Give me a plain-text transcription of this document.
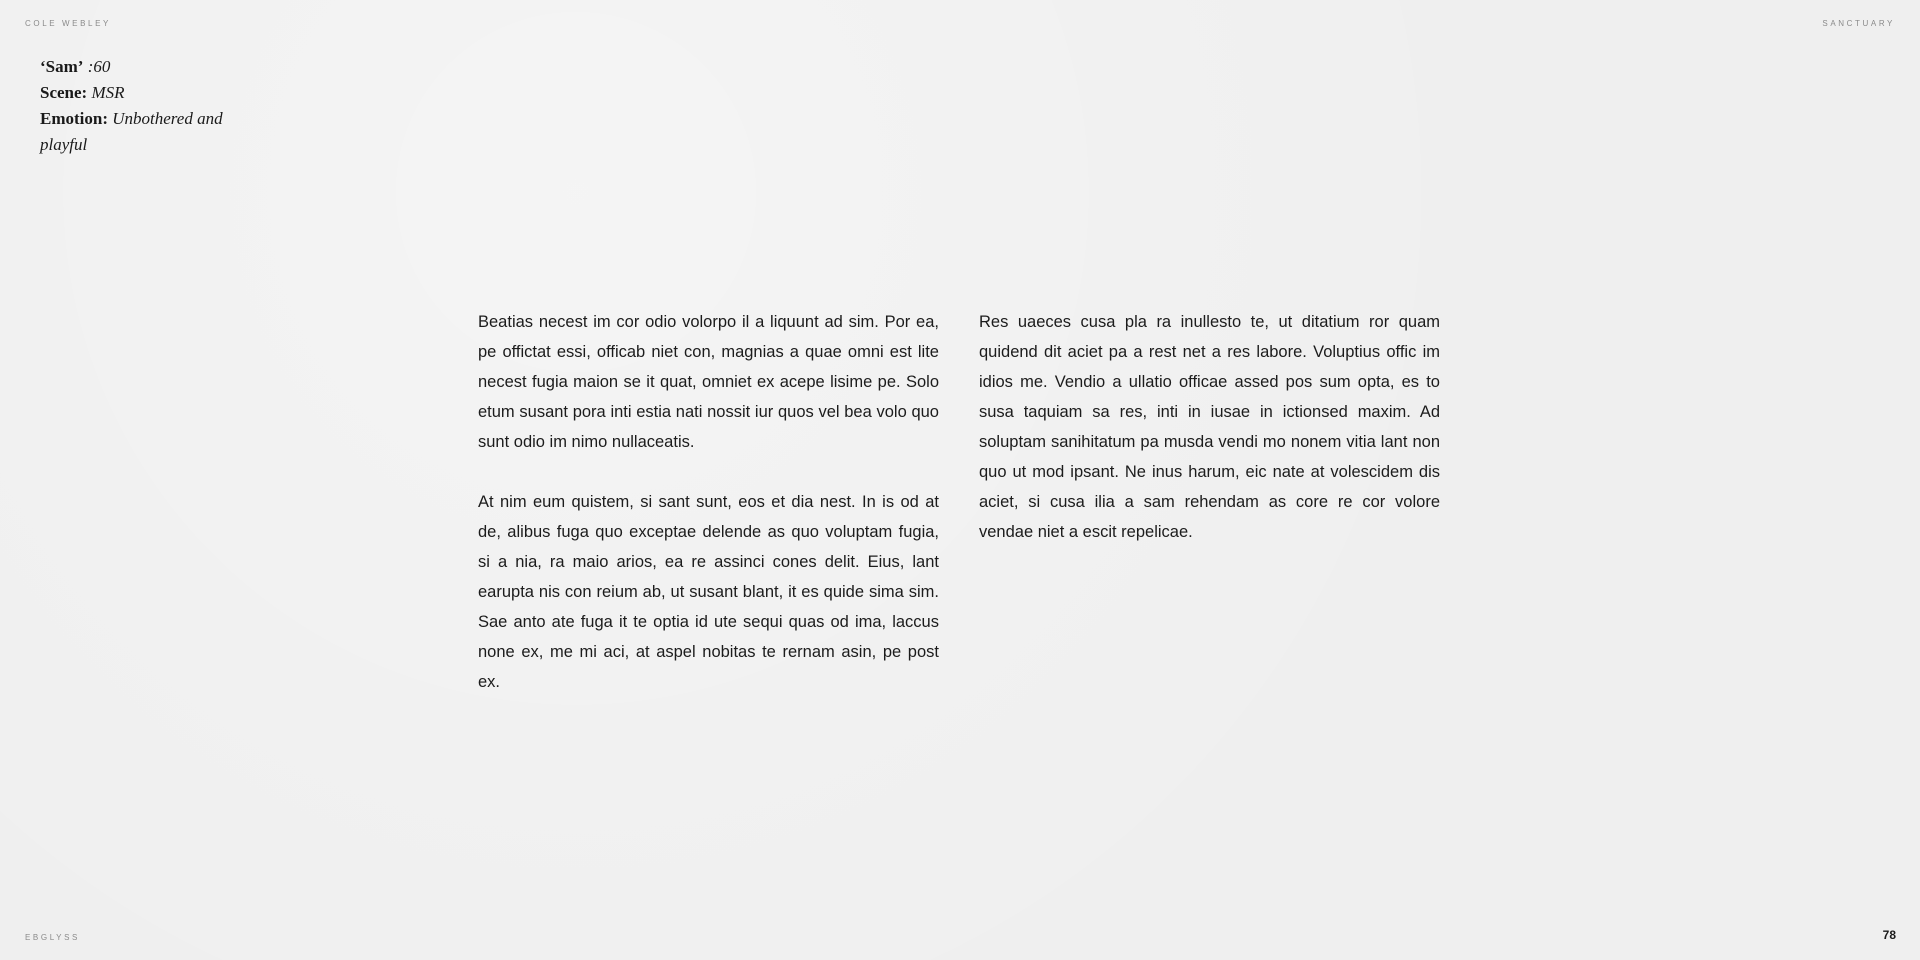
COLE WEBLEY	SANCTUARY
‘Sam’ :60
Scene: MSR
Emotion: Unbothered and playful

Beatias necest im cor odio volorpo il a liquunt ad sim. Por ea, pe offictat essi, officab niet con, magnias a quae omni est lite necest fugia maion se it quat, omniet ex acepe lisime pe. Solo etum susant pora inti estia nati nossit iur quos vel bea volo quo sunt odio im nimo nullaceatis.

At nim eum quistem, si sant sunt, eos et dia nest. In is od at de, alibus fuga quo exceptae delende as quo voluptam fugia, si a nia, ra maio arios, ea re assinci cones delit. Eius, lant earupta nis con reium ab, ut susant blant, it es quide sima sim. Sae anto ate fuga it te optia id ute sequi quas od ima, laccus none ex, me mi aci, at aspel nobitas te rernam asin, pe post ex.

Res uaeces cusa pla ra inullesto te, ut ditatium ror quam quidend dit aciet pa a rest net a res labore. Voluptius offic im idios me. Vendio a ullatio officae assed pos sum opta, es to susa taquiam sa res, inti in iusae in ictionsed maxim. Ad soluptam sanihitatum pa musda vendi mo nonem vitia lant non quo ut mod ipsant. Ne inus harum, eic nate at volescidem dis aciet, si cusa ilia a sam rehendam as core re cor volore vendae niet a escit repelicae.

EBGLYSS	78
